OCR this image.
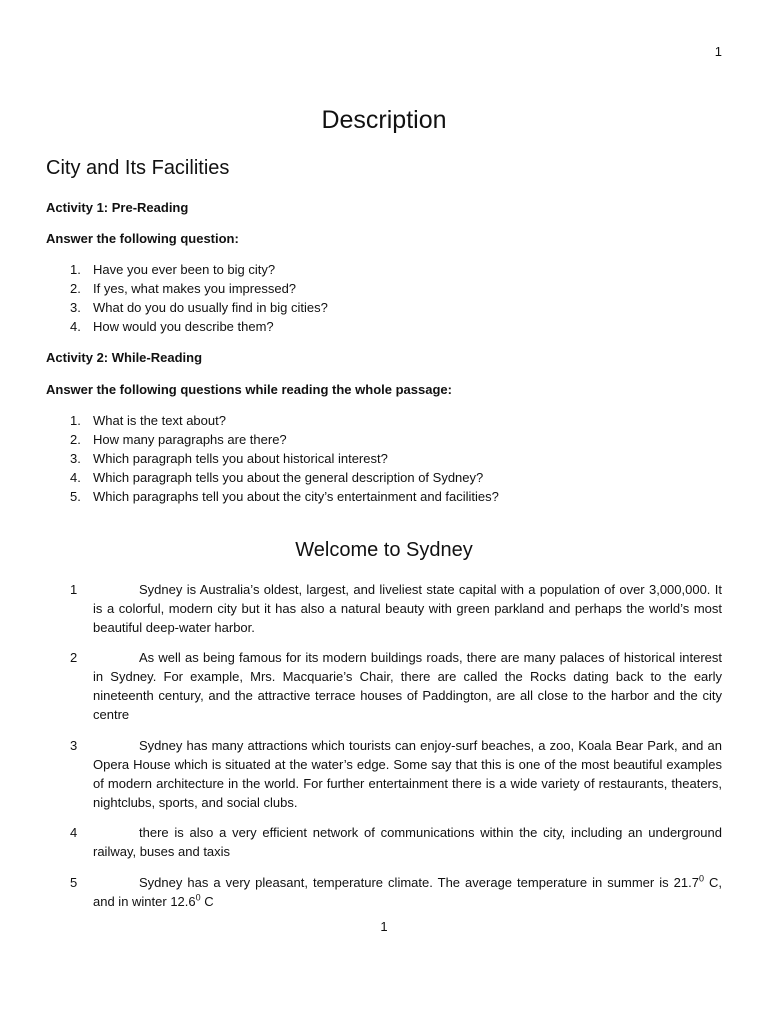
1
Description
City and Its Facilities
Activity 1: Pre-Reading
Answer the following question:
1. Have you ever been to big city?
2. If yes, what makes you impressed?
3. What do you do usually find in big cities?
4. How would you describe them?
Activity 2: While-Reading
Answer the following questions while reading the whole passage:
1. What is the text about?
2. How many paragraphs are there?
3. Which paragraph tells you about historical interest?
4. Which paragraph tells you about the general description of Sydney?
5. Which paragraphs tell you about the city’s entertainment and facilities?
Welcome to Sydney
1	Sydney is Australia’s oldest, largest, and liveliest state capital with a population of over 3,000,000. It is a colorful, modern city but it has also a natural beauty with green parkland and perhaps the world’s most beautiful deep-water harbor.
2	As well as being famous for its modern buildings roads, there are many palaces of historical interest in Sydney. For example, Mrs. Macquarie’s Chair, there are called the Rocks dating back to the early nineteenth century, and the attractive terrace houses of Paddington, are all close to the harbor and the city centre
3	Sydney has many attractions which tourists can enjoy-surf beaches, a zoo, Koala Bear Park, and an Opera House which is situated at the water’s edge. Some say that this is one of the most beautiful examples of modern architecture in the world. For further entertainment there is a wide variety of restaurants, theaters, nightclubs, sports, and social clubs.
4	there is also a very efficient network of communications within the city, including an underground railway, buses and taxis
5	Sydney has a very pleasant, temperature climate. The average temperature in summer is 21.7$^0$ C, and in winter 12.6$^0$ C
1
